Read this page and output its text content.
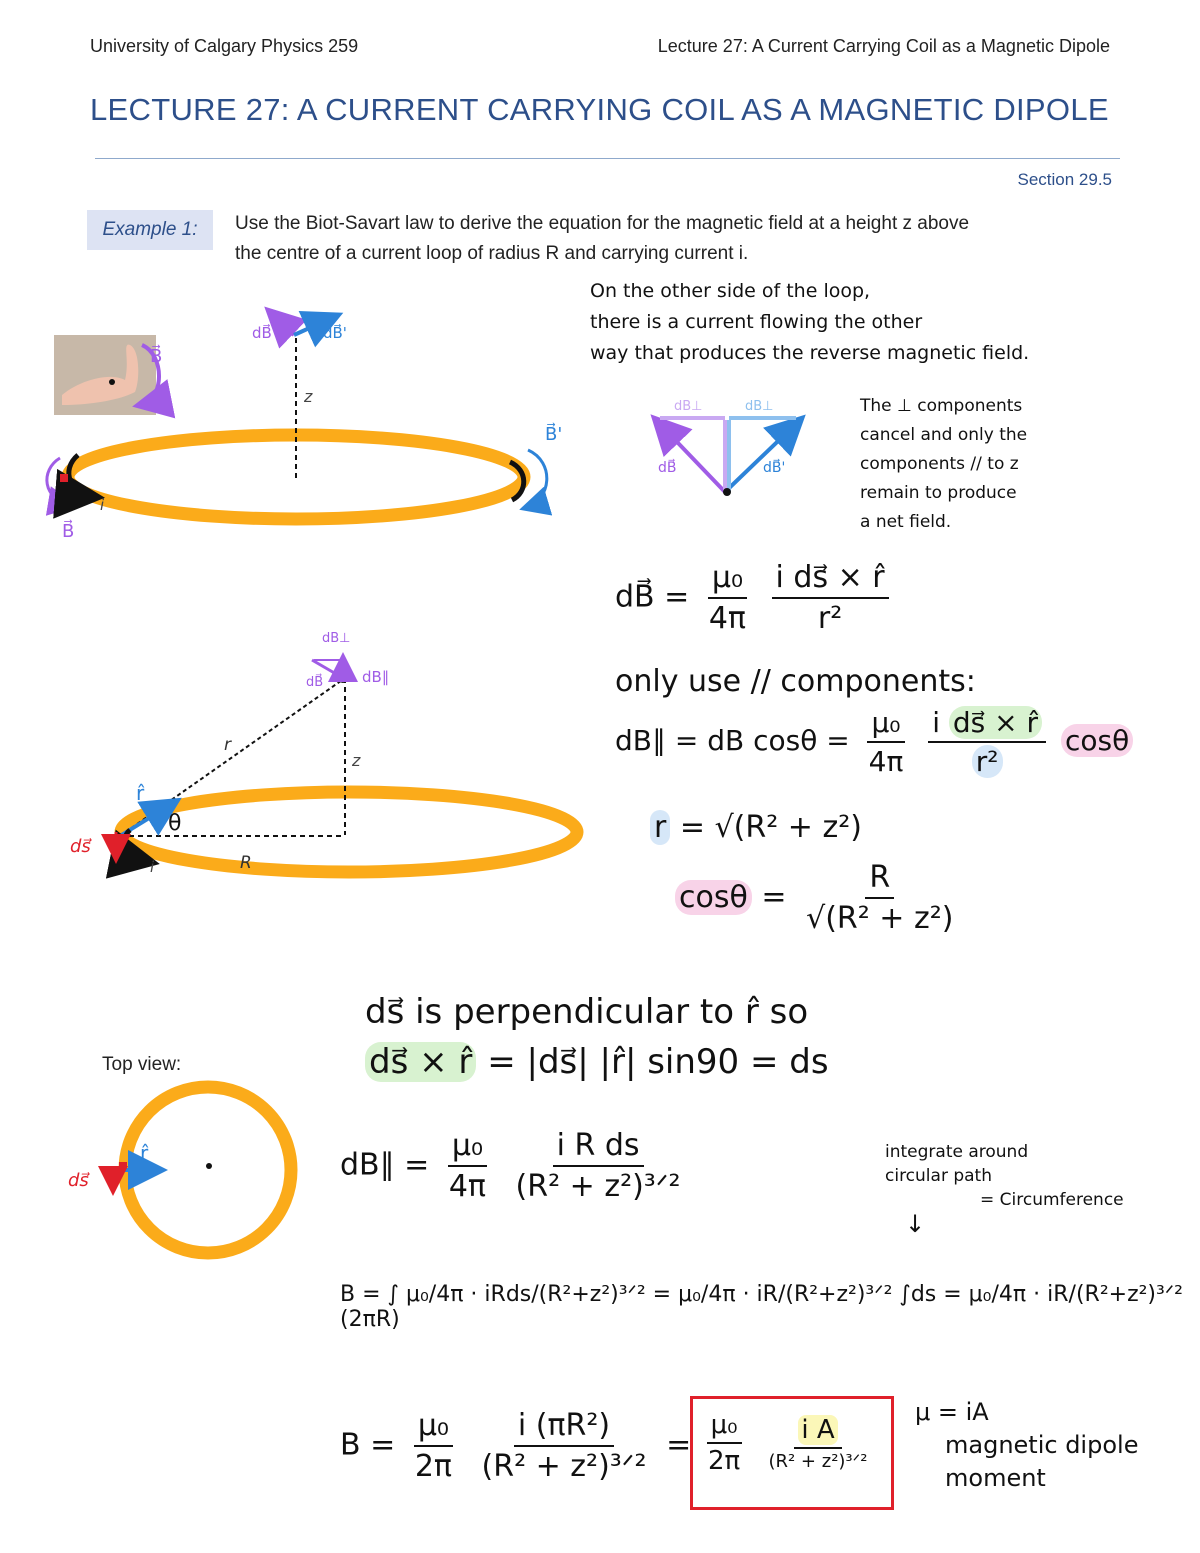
University of Calgary Physics 259	Lecture 27: A Current Carrying Coil as a Magnetic Dipole
LECTURE 27: A CURRENT CARRYING COIL AS A MAGNETIC DIPOLE
Section 29.5
Example 1:	Use the Biot-Savart law to derive the equation for the magnetic field at a height z above
the centre of a current loop of radius R and carrying current i.
On the other side of the loop,
there is a current flowing the other
way that produces the reverse magnetic field.
The ⊥ components
cancel and only the
components // to z
remain to produce
a net field.
B⃗
z
dB⃗	dB⃗'
B⃗
i
B⃗'
dB⊥	dB⊥
dB⃗	dB⃗'
r
z
R
r̂
θ
ds⃗
i
dB⊥
dB⃗	dB∥
r̂
ds⃗
dB⃗ = $\frac{\text{μ₀}}{4\pi}$
$\frac{\text{i ds⃗ × r̂}}{\text{r²}}$
only use // components:
dB∥ = dB $\cos\theta = \frac{\text{μ₀}}{4\pi}$
$\frac{\text{i ds⃗ × r̂}}{\text{r²}}$ cosθ
r = √(R² + z²)
$\cos\theta = \frac{R}{\text{√(R² + z²)}}$
ds⃗ is perpendicular to r̂ so
ds⃗ × r̂ = |ds⃗| |r̂| sin90 = ds
Top view:
dB∥ = $\frac{\text{μ₀}}{4\pi}$
$\frac{\text{i R ds}}{\text{(R² + z²)³ᐟ²}}$	integrate around
circular path
= Circumference
↓
B = ∫ μ₀/4π · iRds/(R²+z²)³ᐟ² = μ₀/4π · iR/(R²+z²)³ᐟ² ∫ds = μ₀/4π · iR/(R²+z²)³ᐟ² (2πR)
$B = \frac{\text{μ₀}}{2\pi}$
$\frac{\text{i (πR²)}}{\text{(R² + z²)³ᐟ²}} = \frac{\text{μ₀}}{2\pi}$
$\frac{\text{i A}}{\text{(R² + z²)³ᐟ²}}$
μ = iA
magnetic dipole
moment
